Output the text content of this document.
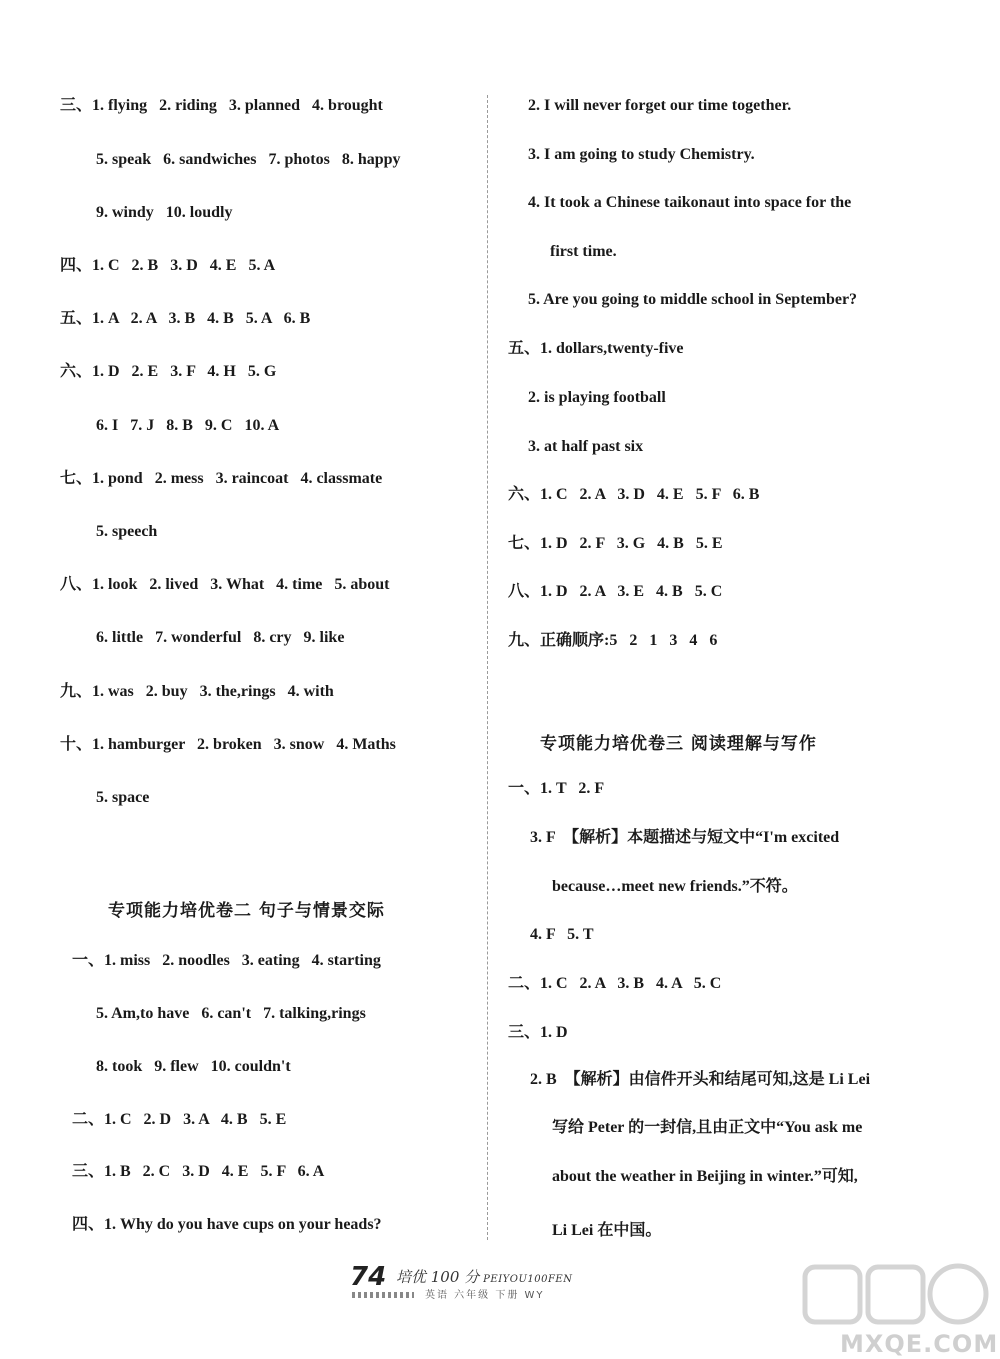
三、1. flying   2. riding   3. planned   4. brought
5. speak   6. sandwiches   7. photos   8. happy
9. windy   10. loudly
四、1. C   2. B   3. D   4. E   5. A
五、1. A   2. A   3. B   4. B   5. A   6. B
六、1. D   2. E   3. F   4. H   5. G
6. I   7. J   8. B   9. C   10. A
七、1. pond   2. mess   3. raincoat   4. classmate
5. speech
八、1. look   2. lived   3. What   4. time   5. about
6. little   7. wonderful   8. cry   9. like
九、1. was   2. buy   3. the,rings   4. with
十、1. hamburger   2. broken   3. snow   4. Maths
5. space
一、1. miss   2. noodles   3. eating   4. starting
5. Am,to have   6. can't   7. talking,rings
8. took   9. flew   10. couldn't
二、1. C   2. D   3. A   4. B   5. E
三、1. B   2. C   3. D   4. E   5. F   6. A
四、1. Why do you have cups on your heads?
专项能力培优卷二 句子与情景交际
2. I will never forget our time together.
3. I am going to study Chemistry.
4. It took a Chinese taikonaut into space for the
first time.
5. Are you going to middle school in September?
五、1. dollars,twenty-five
2. is playing football
3. at half past six
六、1. C   2. A   3. D   4. E   5. F   6. B
七、1. D   2. F   3. G   4. B   5. E
八、1. D   2. A   3. E   4. B   5. C
九、正确顺序:5   2   1   3   4   6
一、1. T   2. F
3. F  【解析】本题描述与短文中“I'm excited
because…meet new friends.”不符。
4. F   5. T
二、1. C   2. A   3. B   4. A   5. C
三、1. D
2. B  【解析】由信件开头和结尾可知,这是 Li Lei
写给 Peter 的一封信,且由正文中“You ask me
about the weather in Beijing in winter.”可知,
Li Lei 在中国。
专项能力培优卷三 阅读理解与写作
74 培优 100 分 PEIYOU100FEN
英语 六年级 下册 WY
MXQE.COM
